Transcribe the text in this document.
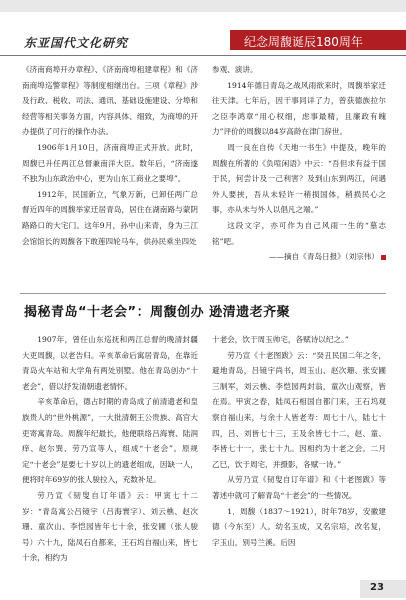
东亚国代文化研究	纪念周馥诞辰180周年

《济南商埠开办章程》、《济南商埠租建章程》和《济南商埠巡警章程》等制度相继出台。三项《章程》涉及行政、税收、司法、通讯、基础设施建设、分埠和经营等相关事务方面，内容具体、细致，为商埠的开办提供了可行的操作办法。

1906年1月10日，济南商埠正式开放。此时，周馥已升任两江总督兼南洋大臣。数年后，“济南遂不独为山东政治中心，更为山东工商业之要埠”。

1912年，民国新立，气象万新，已卸任两广总督近四年的周馥举家迁居青岛，居住在湖南路与蒙阴路路口的大宅门。这年9月，孙中山来青，身为三江会馆馆长的周馥各下敢莲四轮马车，供孙民乘坐四处

参观、演讲。

1914年德日青岛之战风雨欲来时，周馥举家迁往天津。七年后，因干事同详了力，曾获德族拉尔之臣李鸿章“用心权细，虑事最精，且廉政有魄力”评价的周馥以84岁高龄在津门辞世。

周一良在自传《天地一书生》中提及，晚年的周馥在所著的《负喧闲语》中云：“吾但求有益于国于民，何尝计及一己利害？及到山东到两江，问遇外人要挟，吾从未轻许一稍损国体，稍损民心之事，亦从未与外人以倡凡之端。”

这段文字，亦可作为自己风雨一生的“墓志铭”吧。

——摘自《青岛日报》（刘宗伟）

揭秘青岛“十老会”：周馥创办 逊清遗老齐聚

1907年，曾任山东巡抚和两江总督的晚清封疆大吏周馥，以老告归。辛亥革命后寓居青岛，在靠近青岛火车站和大学角有两处别墅。他在青岛创办“十老会”，借以抒发清朝遗老情怀。

辛亥革命后，德占时期的青岛成了前清遗老和皇族贵人的“世外桃源”，一大批清朝王公贵族、高官大吏寄寓青岛。周馥年纪最长，他便联络吕海寰、陆润痒、赵尔巽、劳乃宣等人，组成“十老会”。原规定“十老会”是要七十岁以上的遗老组成，因缺一人，便将时年69岁的张人骏拉入，充数补足。

劳乃宣《韧叟自订年谱》云：甲寅七十二岁：“青岛寓公吕镜宇（吕海寰字）、刘云樵、赵次珊、童次山、李恺园皆年七十余，张安圃（张人骏号）六十九，陆凤石自都来，王石坞自福山来，皆七十余，相约为

十老会，饮于周玉帅宅，各赋诗以纪之。”

劳乃宣《十老图跋》云：“癸丑民国二年之冬，避地青岛，吕镜宇尚书，周玉山、赵次珊、张安圃三制军，刘云樵、李恺园两封翁，童次山观察，皆在焉。甲寅之春，陆凤石相国自都门来，王石坞观察自福山来，与余十人皆老寿：周七十八，陆七十四，吕、刘皆七十三，王及余皆七十二，赵、童、李皆七十一，张七十九。因相约为十老之会。二月乙巳，饮于周宅，并摄影，各赋一诗。”

从劳乃宣《韧叟自订年谱》和《十老图跋》等著述中就可了解青岛“十老会”的一些情况。

1．周馥（1837～1921），时年78岁，安徽建德（今东至）人。幼名玉成，又名宗培，改名复，字玉山，别号兰溪。后因

23
